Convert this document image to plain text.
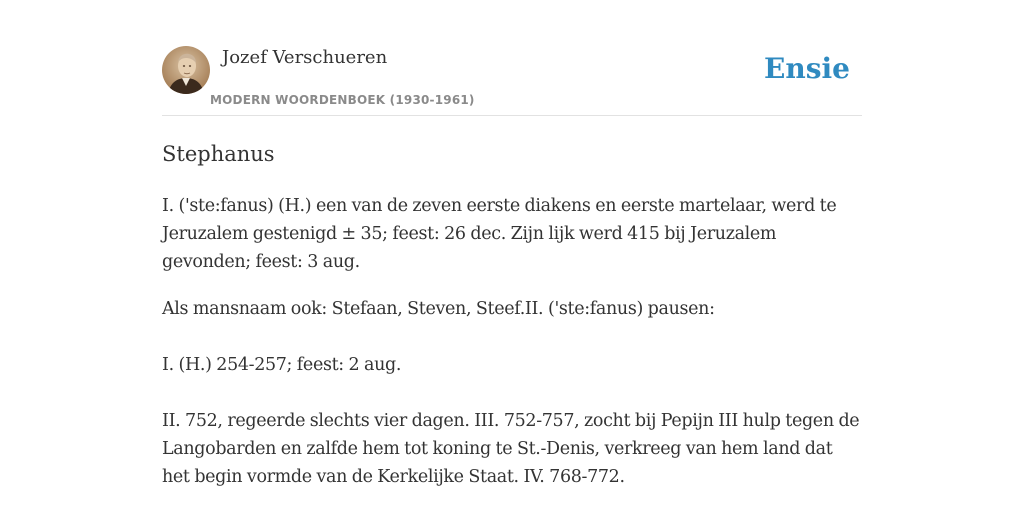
Jozef Verschueren
MODERN WOORDENBOEK (1930-1961)
Ensie
Stephanus

I. ('ste:fanus) (H.) een van de zeven eerste diakens en eerste martelaar, werd te Jeruzalem gestenigd ± 35; feest: 26 dec. Zijn lijk werd 415 bij Jeruzalem gevonden; feest: 3 aug.

Als mansnaam ook: Stefaan, Steven, Steef.II. ('ste:fanus) pausen:

I. (H.) 254-257; feest: 2 aug.

II. 752, regeerde slechts vier dagen. III. 752-757, zocht bij Pepijn III hulp tegen de Langobarden en zalfde hem tot koning te St.-Denis, verkreeg van hem land dat het begin vormde van de Kerkelijke Staat. IV. 768-772.
